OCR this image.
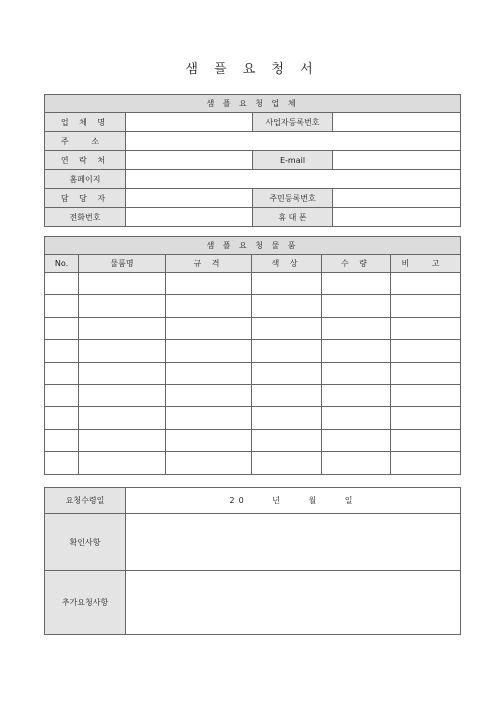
샘 플 요 청 서
샘 플 요 청 업 체			
업 체 명		사업자등록번호	
주 소			
연 락 처		E-mail	
홈페이지			
담 당 자		주민등록번호	
전화번호		휴 대 폰	
샘 플 요 청 물 품					
No.	물품명	규 격	색 상	수 량	비 고

요청수령일	20 년 월 일
확인사항	
추가요청사항	
